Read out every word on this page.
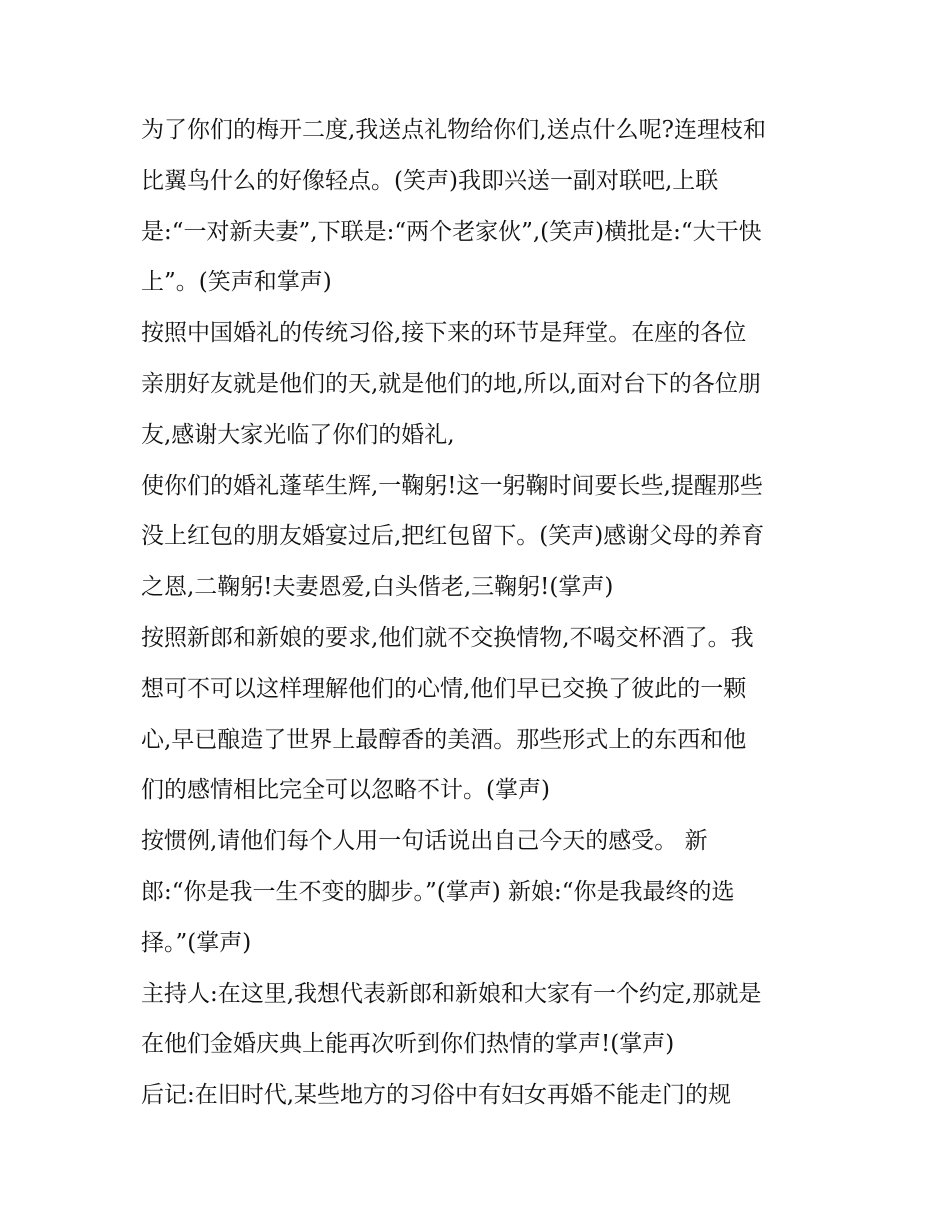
为了你们的梅开二度,我送点礼物给你们,送点什么呢?连理枝和
比翼鸟什么的好像轻点。(笑声)我即兴送一副对联吧,上联
是:“一对新夫妻”,下联是:“两个老家伙”,(笑声)横批是:“大干快
上”。(笑声和掌声)
按照中国婚礼的传统习俗,接下来的环节是拜堂。在座的各位
亲朋好友就是他们的天,就是他们的地,所以,面对台下的各位朋
友,感谢大家光临了你们的婚礼,
使你们的婚礼蓬荜生辉,一鞠躬!这一躬鞠时间要长些,提醒那些
没上红包的朋友婚宴过后,把红包留下。(笑声)感谢父母的养育
之恩,二鞠躬!夫妻恩爱,白头偕老,三鞠躬!(掌声)
按照新郎和新娘的要求,他们就不交换情物,不喝交杯酒了。我
想可不可以这样理解他们的心情,他们早已交换了彼此的一颗
心,早已酿造了世界上最醇香的美酒。那些形式上的东西和他
们的感情相比完全可以忽略不计。(掌声)
按惯例,请他们每个人用一句话说出自己今天的感受。 新
郎:“你是我一生不变的脚步。”(掌声) 新娘:“你是我最终的选
择。”(掌声)
主持人:在这里,我想代表新郎和新娘和大家有一个约定,那就是
在他们金婚庆典上能再次听到你们热情的掌声!(掌声)
后记:在旧时代,某些地方的习俗中有妇女再婚不能走门的规
